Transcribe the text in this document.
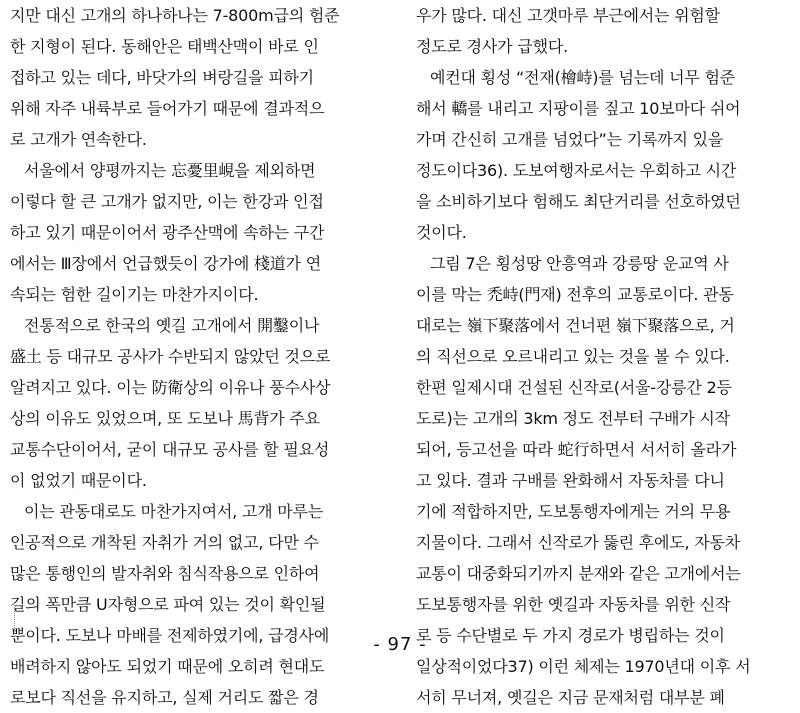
지만 대신 고개의 하나하나는 7-800m급의 험준
한 지형이 된다. 동해안은 태백산맥이 바로 인
접하고 있는 데다, 바닷가의 벼랑길을 피하기
위해 자주 내륙부로 들어가기 때문에 결과적으
로 고개가 연속한다.

서울에서 양평까지는 忘憂里峴을 제외하면
이렇다 할 큰 고개가 없지만, 이는 한강과 인접
하고 있기 때문이어서 광주산맥에 속하는 구간
에서는 Ⅲ장에서 언급했듯이 강가에 棧道가 연
속되는 험한 길이기는 마찬가지이다.

전통적으로 한국의 옛길 고개에서 開鑿이나
盛土 등 대규모 공사가 수반되지 않았던 것으로
알려지고 있다. 이는 防衛상의 이유나 풍수사상
상의 이유도 있었으며, 또 도보나 馬背가 주요
교통수단이어서, 굳이 대규모 공사를 할 필요성
이 없었기 때문이다.

이는 관동대로도 마찬가지여서, 고개 마루는
인공적으로 개착된 자취가 거의 없고, 다만 수
많은 통행인의 발자취와 침식작용으로 인하여
길의 폭만큼 U자형으로 파여 있는 것이 확인될
뿐이다. 도보나 마배를 전제하였기에, 급경사에
배려하지 않아도 되었기 때문에 오히려 현대도
로보다 직선을 유지하고, 실제 거리도 짧은 경

우가 많다. 대신 고갯마루 부근에서는 위험할
정도로 경사가 급했다.

예컨대 횡성 “전재(檜峙)를 넘는데 너무 험준
해서 轎를 내리고 지팡이를 짚고 10보마다 쉬어
가며 간신히 고개를 넘었다”는 기록까지 있을
정도이다36). 도보여행자로서는 우회하고 시간
을 소비하기보다 험해도 최단거리를 선호하였던
것이다.

그림 7은 횡성땅 안흥역과 강릉땅 운교역 사
이를 막는 禿峙(門재) 전후의 교통로이다. 관동
대로는 嶺下聚落에서 건너편 嶺下聚落으로, 거
의 직선으로 오르내리고 있는 것을 볼 수 있다.
한편 일제시대 건설된 신작로(서울-강릉간 2등
도로)는 고개의 3km 정도 전부터 구배가 시작
되어, 등고선을 따라 蛇行하면서 서서히 올라가
고 있다. 결과 구배를 완화해서 자동차를 다니
기에 적합하지만, 도보통행자에게는 거의 무용
지물이다. 그래서 신작로가 뚫린 후에도, 자동차
교통이 대중화되기까지 분재와 같은 고개에서는
도보통행자를 위한 옛길과 자동차를 위한 신작
로 등 수단별로 두 가지 경로가 병립하는 것이
일상적이었다37) 이런 체제는 1970년대 이후 서
서히 무너져, 옛길은 지금 문재처럼 대부분 폐

- 97 -
